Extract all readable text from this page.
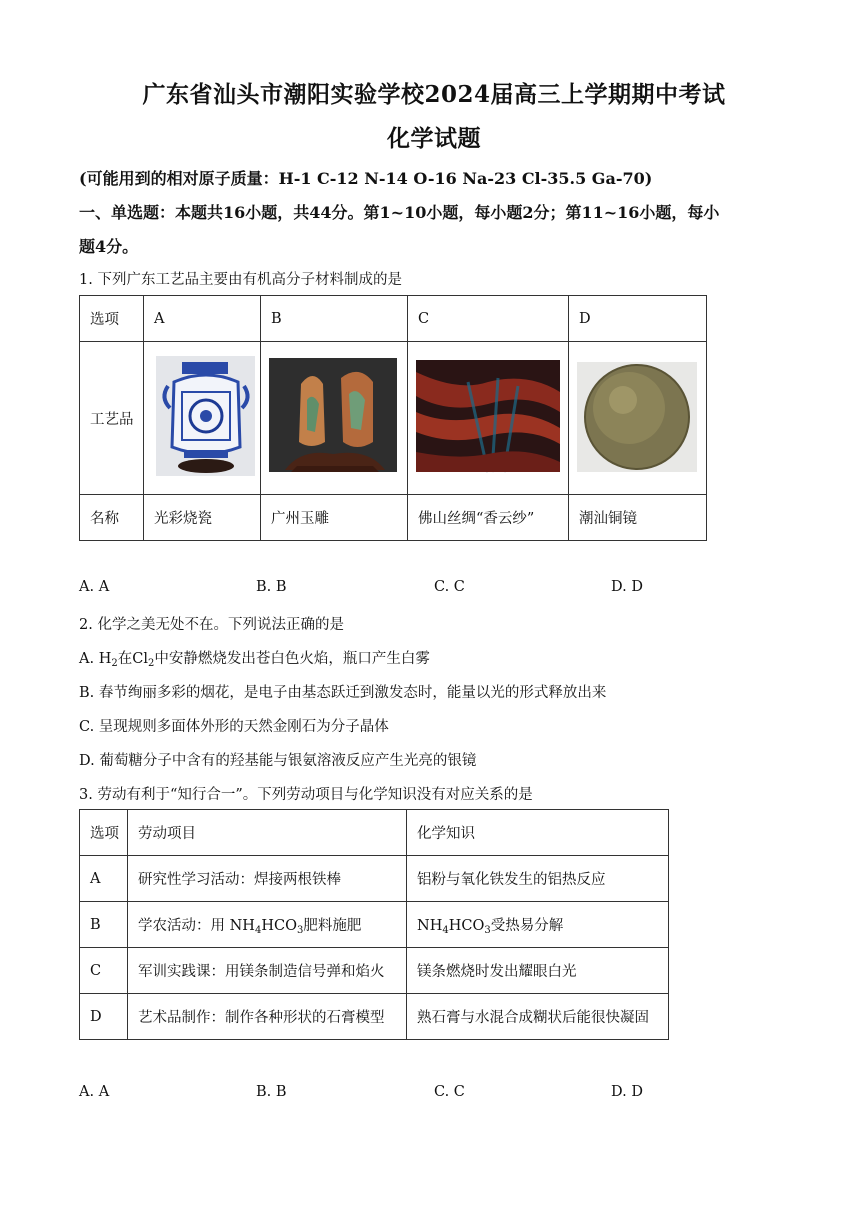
广东省汕头市潮阳实验学校2024届高三上学期期中考试
化学试题
(可能用到的相对原子质量：H-1 C-12 N-14 O-16 Na-23 Cl-35.5 Ga-70)
一、单选题：本题共16小题，共44分。第1~10小题，每小题2分；第11~16小题，每小
题4分。
1. 下列广东工艺品主要由有机高分子材料制成的是
选项	A	B	C	D
工艺品				
名称	光彩烧瓷	广州玉雕	佛山丝绸“香云纱”	潮汕铜镜
A. A	B. B	C. C	D. D
2. 化学之美无处不在。下列说法正确的是
A. $H_2$在$Cl_2$中安静燃烧发出苍白色火焰，瓶口产生白雾
B. 春节绚丽多彩的烟花，是电子由基态跃迁到激发态时，能量以光的形式释放出来
C. 呈现规则多面体外形的天然金刚石为分子晶体
D. 葡萄糖分子中含有的羟基能与银氨溶液反应产生光亮的银镜
3. 劳动有利于“知行合一”。下列劳动项目与化学知识没有对应关系的是
选项	劳动项目	化学知识
A	研究性学习活动：焊接两根铁棒	铝粉与氧化铁发生的铝热反应
B	学农活动：用 $NH_4HCO_3$肥料施肥	$NH_4HCO_3$受热易分解
C	军训实践课：用镁条制造信号弹和焰火	镁条燃烧时发出耀眼白光
D	艺术品制作：制作各种形状的石膏模型	熟石膏与水混合成糊状后能很快凝固
A. A	B. B	C. C	D. D
